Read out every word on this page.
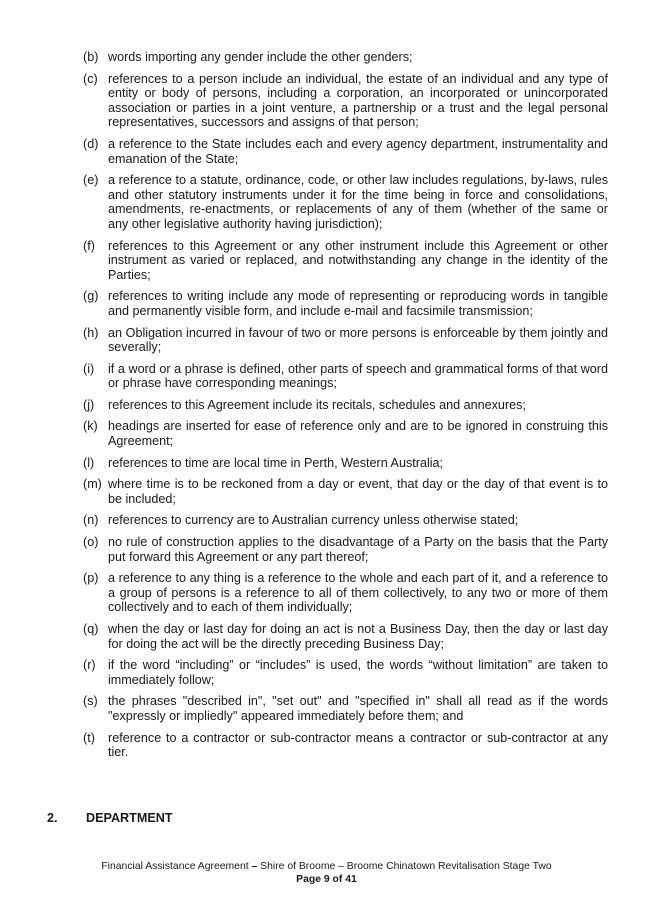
(b) words importing any gender include the other genders;
(c) references to a person include an individual, the estate of an individual and any type of entity or body of persons, including a corporation, an incorporated or unincorporated association or parties in a joint venture, a partnership or a trust and the legal personal representatives, successors and assigns of that person;
(d) a reference to the State includes each and every agency department, instrumentality and emanation of the State;
(e) a reference to a statute, ordinance, code, or other law includes regulations, by-laws, rules and other statutory instruments under it for the time being in force and consolidations, amendments, re-enactments, or replacements of any of them (whether of the same or any other legislative authority having jurisdiction);
(f)	references to this Agreement or any other instrument include this Agreement or other instrument as varied or replaced, and notwithstanding any change in the identity of the Parties;
(g) references to writing include any mode of representing or reproducing words in tangible and permanently visible form, and include e-mail and facsimile transmission;
(h) an Obligation incurred in favour of two or more persons is enforceable by them jointly and severally;
(i)	if a word or a phrase is defined, other parts of speech and grammatical forms of that word or phrase have corresponding meanings;
(j)	references to this Agreement include its recitals, schedules and annexures;
(k) headings are inserted for ease of reference only and are to be ignored in construing this Agreement;
(l)	references to time are local time in Perth, Western Australia;
(m) where time is to be reckoned from a day or event, that day or the day of that event is to be included;
(n) references to currency are to Australian currency unless otherwise stated;
(o) no rule of construction applies to the disadvantage of a Party on the basis that the Party put forward this Agreement or any part thereof;
(p) a reference to any thing is a reference to the whole and each part of it, and a reference to a group of persons is a reference to all of them collectively, to any two or more of them collectively and to each of them individually;
(q) when the day or last day for doing an act is not a Business Day, then the day or last day for doing the act will be the directly preceding Business Day;
(r) if the word “including” or “includes” is used, the words “without limitation” are taken to immediately follow;
(s) the phrases "described in", "set out" and "specified in" shall all read as if the words "expressly or impliedly" appeared immediately before them; and
(t)	reference to a contractor or sub-contractor means a contractor or sub-contractor at any tier.
2.	DEPARTMENT
Financial Assistance Agreement – Shire of Broome – Broome Chinatown Revitalisation Stage Two
Page 9 of 41
